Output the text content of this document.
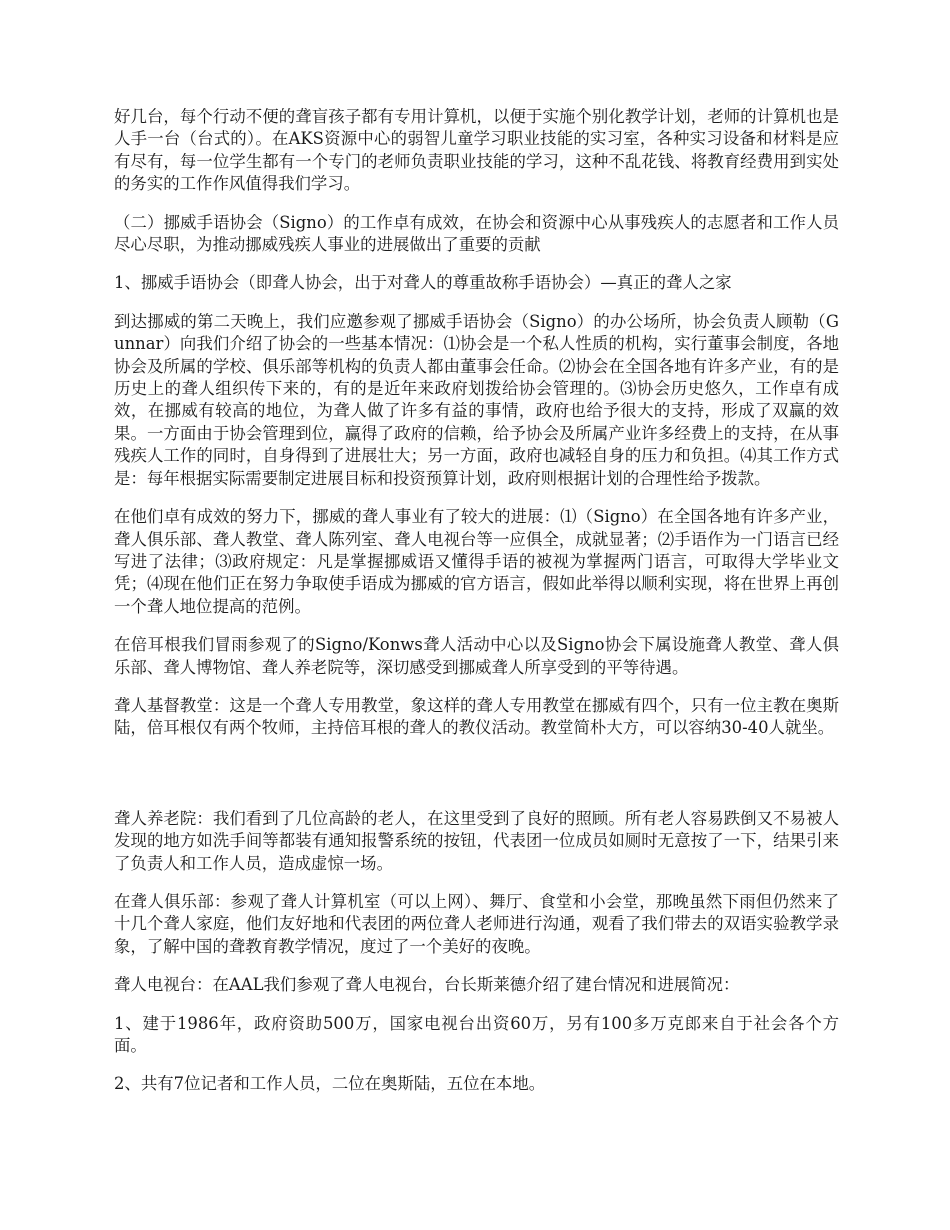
好几台，每个行动不便的聋盲孩子都有专用计算机，以便于实施个别化教学计划，老师的计算机也是人手一台（台式的）。在AKS资源中心的弱智儿童学习职业技能的实习室，各种实习设备和材料是应有尽有，每一位学生都有一个专门的老师负责职业技能的学习，这种不乱花钱、将教育经费用到实处的务实的工作作风值得我们学习。

（二）挪威手语协会（Signo）的工作卓有成效，在协会和资源中心从事残疾人的志愿者和工作人员尽心尽职，为推动挪威残疾人事业的进展做出了重要的贡献

1、挪威手语协会（即聋人协会，出于对聋人的尊重故称手语协会）—真正的聋人之家

到达挪威的第二天晚上，我们应邀参观了挪威手语协会（Signo）的办公场所，协会负责人顾勒（Gunnar）向我们介绍了协会的一些基本情况：⑴协会是一个私人性质的机构，实行董事会制度，各地协会及所属的学校、俱乐部等机构的负责人都由董事会任命。⑵协会在全国各地有许多产业，有的是历史上的聋人组织传下来的，有的是近年来政府划拨给协会管理的。⑶协会历史悠久，工作卓有成效，在挪威有较高的地位，为聋人做了许多有益的事情，政府也给予很大的支持，形成了双赢的效果。一方面由于协会管理到位，赢得了政府的信赖，给予协会及所属产业许多经费上的支持，在从事残疾人工作的同时，自身得到了进展壮大；另一方面，政府也减轻自身的压力和负担。⑷其工作方式是：每年根据实际需要制定进展目标和投资预算计划，政府则根据计划的合理性给予拨款。

在他们卓有成效的努力下，挪威的聋人事业有了较大的进展：⑴（Signo）在全国各地有许多产业，聋人俱乐部、聋人教堂、聋人陈列室、聋人电视台等一应俱全，成就显著；⑵手语作为一门语言已经写进了法律；⑶政府规定：凡是掌握挪威语又懂得手语的被视为掌握两门语言，可取得大学毕业文凭；⑷现在他们正在努力争取使手语成为挪威的官方语言，假如此举得以顺利实现，将在世界上再创一个聋人地位提高的范例。

在倍耳根我们冒雨参观了的Signo/Konws聋人活动中心以及Signo协会下属设施聋人教堂、聋人俱乐部、聋人博物馆、聋人养老院等，深切感受到挪威聋人所享受到的平等待遇。

聋人基督教堂：这是一个聋人专用教堂，象这样的聋人专用教堂在挪威有四个，只有一位主教在奥斯陆，倍耳根仅有两个牧师，主持倍耳根的聋人的教仪活动。教堂简朴大方，可以容纳30-40人就坐。

聋人养老院：我们看到了几位高龄的老人，在这里受到了良好的照顾。所有老人容易跌倒又不易被人发现的地方如洗手间等都装有通知报警系统的按钮，代表团一位成员如厕时无意按了一下，结果引来了负责人和工作人员，造成虚惊一场。

在聋人俱乐部：参观了聋人计算机室（可以上网）、舞厅、食堂和小会堂，那晚虽然下雨但仍然来了十几个聋人家庭，他们友好地和代表团的两位聋人老师进行沟通，观看了我们带去的双语实验教学录象，了解中国的聋教育教学情况，度过了一个美好的夜晚。

聋人电视台：在AAL我们参观了聋人电视台，台长斯莱德介绍了建台情况和进展简况：

1、建于1986年，政府资助500万，国家电视台出资60万，另有100多万克郎来自于社会各个方面。

2、共有7位记者和工作人员，二位在奥斯陆，五位在本地。
